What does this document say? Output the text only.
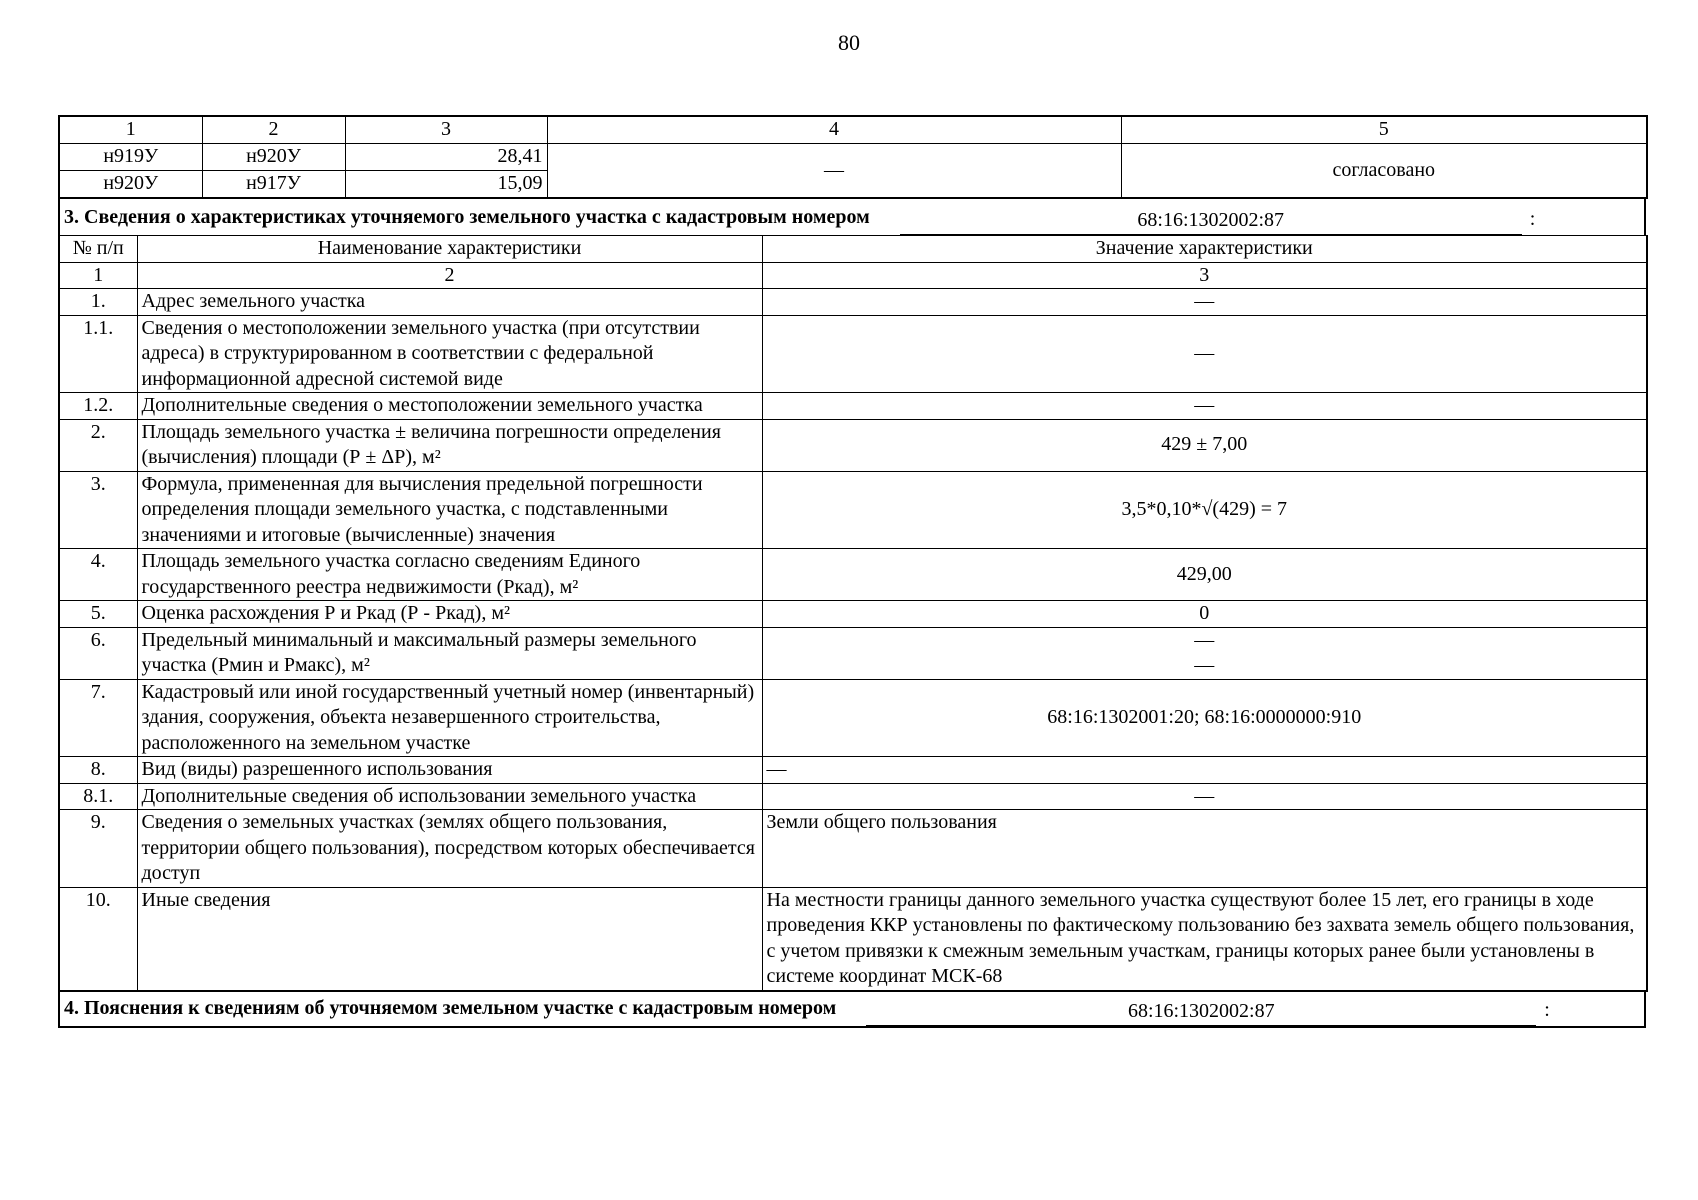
80
1	2	3	4	5
н919У	н920У	28,41	—	согласовано
н920У	н917У	15,09		
3. Сведения о характеристиках уточняемого земельного участка с кадастровым номером	68:16:1302002:87	:
№ п/п	Наименование характеристики	Значение характеристики
1	2	3
1.	Адрес земельного участка	—
1.1.	Сведения о местоположении земельного участка (при отсутствии адреса) в структурированном в соответствии с федеральной информационной адресной системой виде	—
1.2.	Дополнительные сведения о местоположении земельного участка	—
2.	Площадь земельного участка ± величина погрешности определения (вычисления) площади (Р ± ΔР), м²	429 ± 7,00
3.	Формула, примененная для вычисления предельной погрешности определения площади земельного участка, с подставленными значениями и итоговые (вычисленные) значения	3,5*0,10*√(429) = 7
4.	Площадь земельного участка согласно сведениям Единого государственного реестра недвижимости (Ркад), м²	429,00
5.	Оценка расхождения Р и Ркад (Р - Ркад), м²	0
6.	Предельный минимальный и максимальный размеры земельного участка (Рмин и Рмакс), м²	—
—

7.	Кадастровый или иной государственный учетный номер (инвентарный) здания, сооружения, объекта незавершенного строительства, расположенного на земельном участке	68:16:1302001:20; 68:16:0000000:910
8.	Вид (виды) разрешенного использования	—
8.1.	Дополнительные сведения об использовании земельного участка	—
9.	Сведения о земельных участках (землях общего пользования, территории общего пользования), посредством которых обеспечивается доступ	Земли общего пользования
10.	Иные сведения	На местности границы данного земельного участка существуют более 15 лет, его границы в ходе проведения ККР установлены по фактическому пользованию без захвата земель общего пользования, с учетом привязки к смежным земельным участкам, границы которых ранее были установлены в системе координат МСК-68
4. Пояснения к сведениям об уточняемом земельном участке с кадастровым номером	68:16:1302002:87	:
